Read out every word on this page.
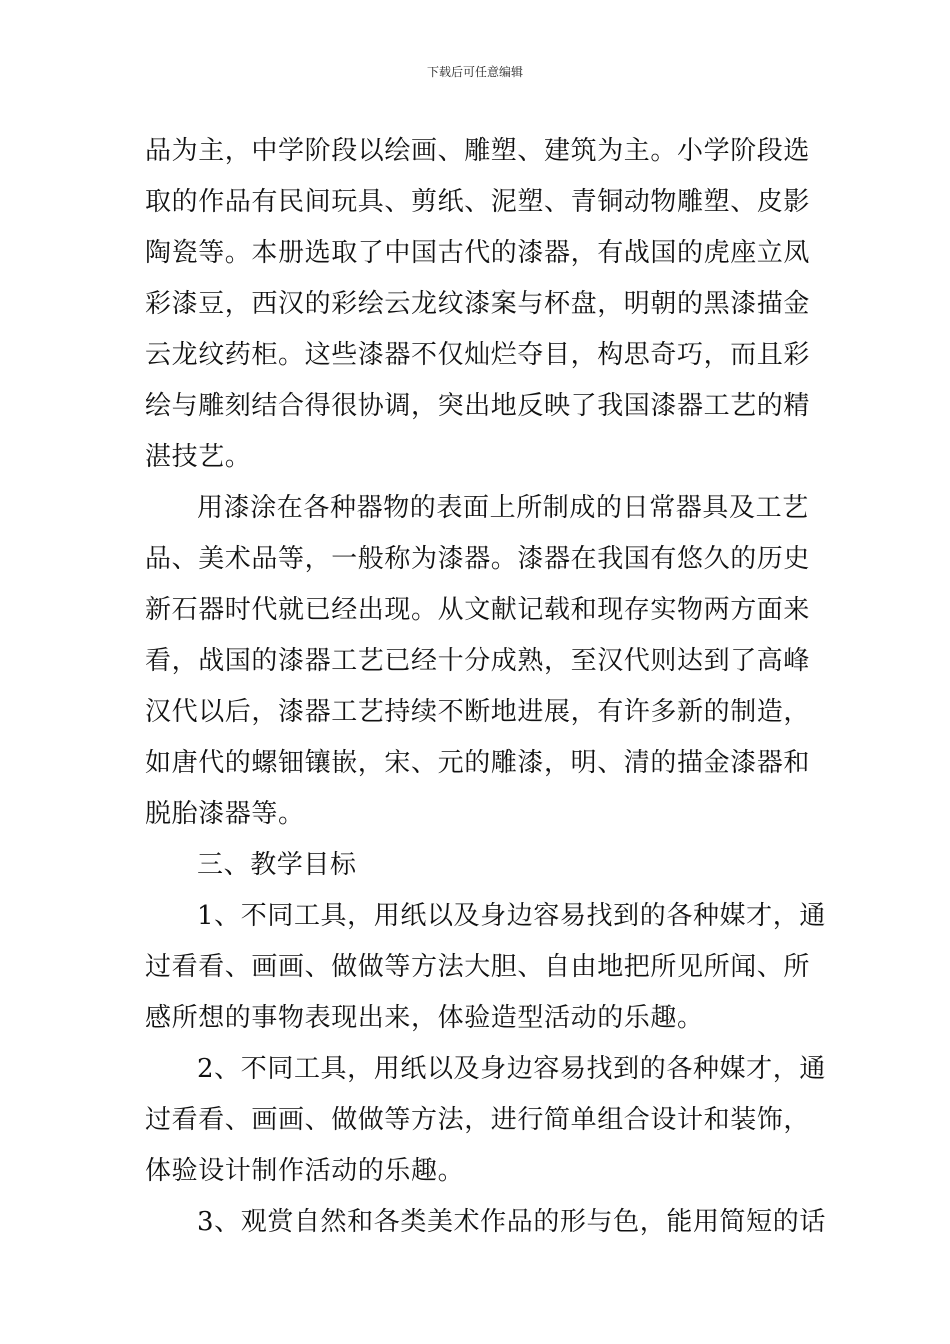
下载后可任意编辑
品为主，中学阶段以绘画、雕塑、建筑为主。小学阶段选
取的作品有民间玩具、剪纸、泥塑、青铜动物雕塑、皮影
陶瓷等。本册选取了中国古代的漆器，有战国的虎座立凤
彩漆豆，西汉的彩绘云龙纹漆案与杯盘，明朝的黑漆描金
云龙纹药柜。这些漆器不仅灿烂夺目，构思奇巧，而且彩
绘与雕刻结合得很协调，突出地反映了我国漆器工艺的精
湛技艺。
用漆涂在各种器物的表面上所制成的日常器具及工艺
品、美术品等，一般称为漆器。漆器在我国有悠久的历史
新石器时代就已经出现。从文献记载和现存实物两方面来
看，战国的漆器工艺已经十分成熟，至汉代则达到了高峰
汉代以后，漆器工艺持续不断地进展，有许多新的制造，
如唐代的螺钿镶嵌，宋、元的雕漆，明、清的描金漆器和
脱胎漆器等。
三、教学目标
1、不同工具，用纸以及身边容易找到的各种媒才，通
过看看、画画、做做等方法大胆、自由地把所见所闻、所
感所想的事物表现出来，体验造型活动的乐趣。
2、不同工具，用纸以及身边容易找到的各种媒才，通
过看看、画画、做做等方法，进行简单组合设计和装饰，
体验设计制作活动的乐趣。
3、观赏自然和各类美术作品的形与色，能用简短的话
